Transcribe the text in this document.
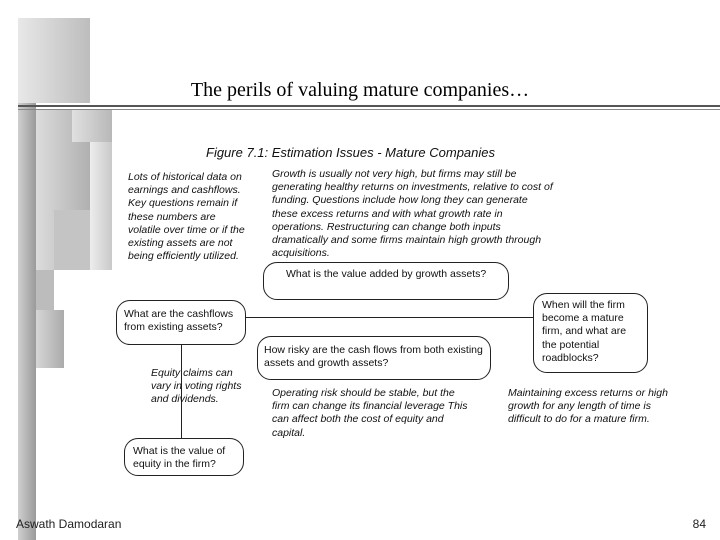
The perils of valuing mature companies…
Figure 7.1: Estimation Issues - Mature Companies
Lots of historical data on earnings and cashflows. Key questions remain if these numbers are volatile over time or if the existing assets are not being efficiently utilized.
Growth is usually not very high, but firms may still be generating healthy returns on investments, relative to cost of funding. Questions include how long they can generate these excess returns and with what growth rate in operations. Restructuring can change both inputs dramatically and some firms maintain high growth through acquisitions.
What is the value added by growth assets?
What are the cashflows from existing assets?
When will the firm become a mature firm, and what are the potential roadblocks?
How risky are the cash flows from both existing assets and growth assets?
Equity claims can vary in voting rights and dividends.
Operating risk should be stable, but the firm can change its financial leverage This can affect both the cost of equity and capital.
Maintaining excess returns or high growth for any length of time is difficult to do for a mature firm.
What is the value of equity in the firm?
Aswath Damodaran	84
